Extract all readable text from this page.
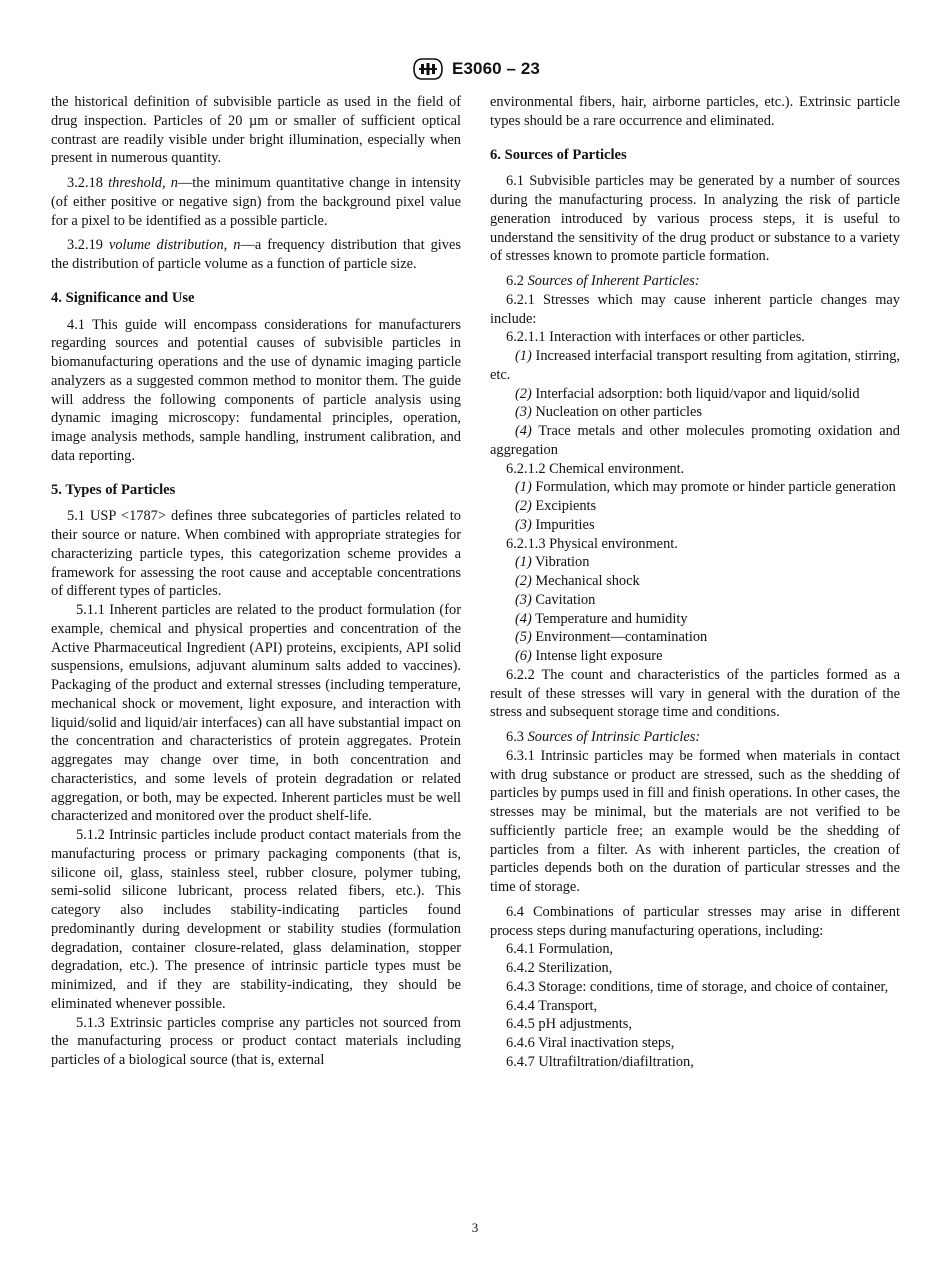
E3060 – 23

the historical definition of subvisible particle as used in the field of drug inspection. Particles of 20 µm or smaller of sufficient optical contrast are readily visible under bright illumination, especially when present in numerous quantity.

3.2.18 threshold, n—the minimum quantitative change in intensity (of either positive or negative sign) from the background pixel value for a pixel to be identified as a possible particle.

3.2.19 volume distribution, n—a frequency distribution that gives the distribution of particle volume as a function of particle size.

4. Significance and Use

4.1 This guide will encompass considerations for manufacturers regarding sources and potential causes of subvisible particles in biomanufacturing operations and the use of dynamic imaging particle analyzers as a suggested common method to monitor them. The guide will address the following components of particle analysis using dynamic imaging microscopy: fundamental principles, operation, image analysis methods, sample handling, instrument calibration, and data reporting.

5. Types of Particles

5.1 USP <1787> defines three subcategories of particles related to their source or nature. When combined with appropriate strategies for characterizing particle types, this categorization scheme provides a framework for assessing the root cause and acceptable concentrations of different types of particles.

5.1.1 Inherent particles are related to the product formulation (for example, chemical and physical properties and concentration of the Active Pharmaceutical Ingredient (API) proteins, excipients, API solid suspensions, emulsions, adjuvant aluminum salts added to vaccines). Packaging of the product and external stresses (including temperature, mechanical shock or movement, light exposure, and interaction with liquid/solid and liquid/air interfaces) can all have substantial impact on the concentration and characteristics of protein aggregates. Protein aggregates may change over time, in both concentration and characteristics, and some levels of protein degradation or related aggregation, or both, may be expected. Inherent particles must be well characterized and monitored over the product shelf-life.

5.1.2 Intrinsic particles include product contact materials from the manufacturing process or primary packaging components (that is, silicone oil, glass, stainless steel, rubber closure, polymer tubing, semi-solid silicone lubricant, process related fibers, etc.). This category also includes stability-indicating particles found predominantly during development or stability studies (formulation degradation, container closure-related, glass delamination, stopper degradation, etc.). The presence of intrinsic particle types must be minimized, and if they are stability-indicating, they should be eliminated whenever possible.

5.1.3 Extrinsic particles comprise any particles not sourced from the manufacturing process or product contact materials including particles of a biological source (that is, external

environmental fibers, hair, airborne particles, etc.). Extrinsic particle types should be a rare occurrence and eliminated.

6. Sources of Particles

6.1 Subvisible particles may be generated by a number of sources during the manufacturing process. In analyzing the risk of particle generation introduced by various process steps, it is useful to understand the sensitivity of the drug product or substance to a variety of stresses known to promote particle formation.

6.2 Sources of Inherent Particles:

6.2.1 Stresses which may cause inherent particle changes may include:

6.2.1.1 Interaction with interfaces or other particles.

(1) Increased interfacial transport resulting from agitation, stirring, etc.

(2) Interfacial adsorption: both liquid/vapor and liquid/solid

(3) Nucleation on other particles

(4) Trace metals and other molecules promoting oxidation and aggregation

6.2.1.2 Chemical environment.

(1) Formulation, which may promote or hinder particle generation

(2) Excipients

(3) Impurities

6.2.1.3 Physical environment.

(1) Vibration

(2) Mechanical shock

(3) Cavitation

(4) Temperature and humidity

(5) Environment—contamination

(6) Intense light exposure

6.2.2 The count and characteristics of the particles formed as a result of these stresses will vary in general with the duration of the stress and subsequent storage time and conditions.

6.3 Sources of Intrinsic Particles:

6.3.1 Intrinsic particles may be formed when materials in contact with drug substance or product are stressed, such as the shedding of particles by pumps used in fill and finish operations. In other cases, the stresses may be minimal, but the materials are not verified to be sufficiently particle free; an example would be the shedding of particles from a filter. As with inherent particles, the creation of particles depends both on the duration of particular stresses and the time of storage.

6.4 Combinations of particular stresses may arise in different process steps during manufacturing operations, including:

6.4.1 Formulation,

6.4.2 Sterilization,

6.4.3 Storage: conditions, time of storage, and choice of container,

6.4.4 Transport,

6.4.5 pH adjustments,

6.4.6 Viral inactivation steps,

6.4.7 Ultrafiltration/diafiltration,

3
